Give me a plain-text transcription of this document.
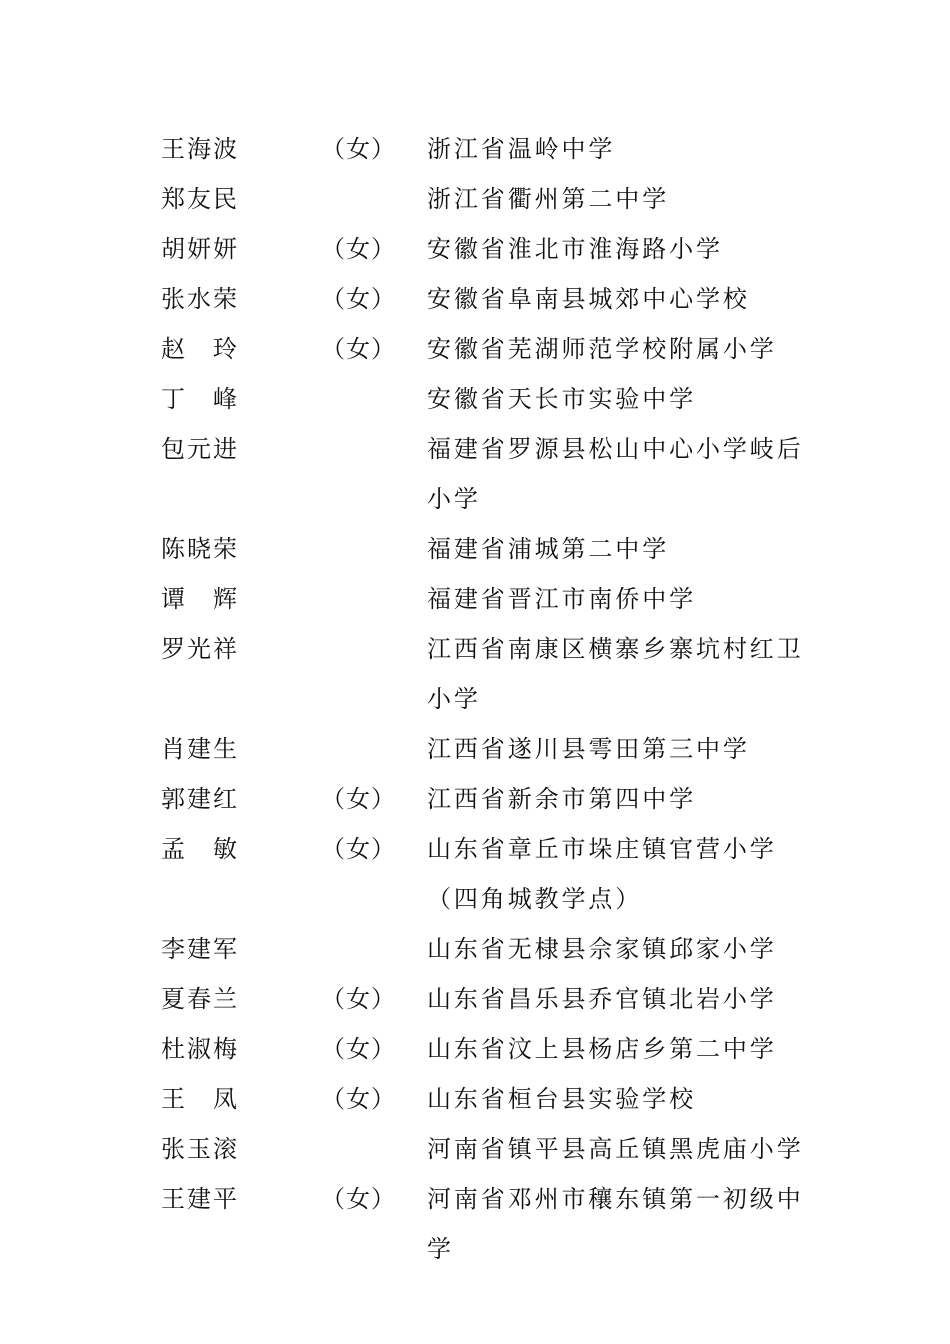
王海波	（女）	浙江省温岭中学
郑友民	浙江省衢州第二中学
胡妍妍	（女）	安徽省淮北市淮海路小学
张水荣	（女）	安徽省阜南县城郊中心学校
赵　玲	（女）	安徽省芜湖师范学校附属小学
丁　峰	安徽省天长市实验中学
包元进	福建省罗源县松山中心小学岐后小学
陈晓荣	福建省浦城第二中学
谭　辉	福建省晋江市南侨中学
罗光祥	江西省南康区横寨乡寨坑村红卫小学
肖建生	江西省遂川县雩田第三中学
郭建红	（女）	江西省新余市第四中学
孟　敏	（女）	山东省章丘市垛庄镇官营小学（四角城教学点）
李建军	山东省无棣县佘家镇邱家小学
夏春兰	（女）	山东省昌乐县乔官镇北岩小学
杜淑梅	（女）	山东省汶上县杨店乡第二中学
王　凤	（女）	山东省桓台县实验学校
张玉滚	河南省镇平县高丘镇黑虎庙小学
王建平	（女）	河南省邓州市穰东镇第一初级中学
